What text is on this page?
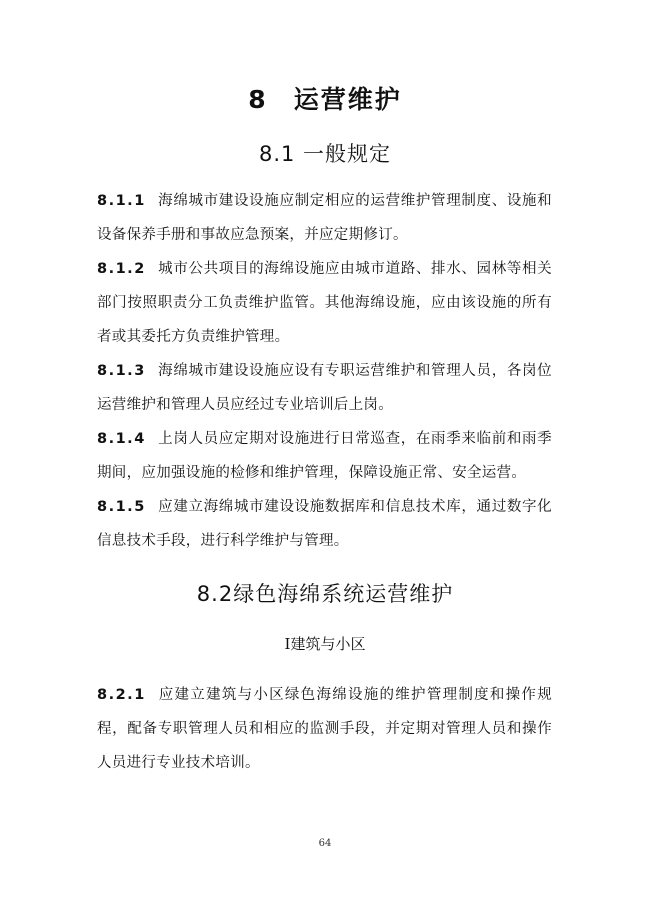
8 运营维护
8.1 一般规定

8.1.1 海绵城市建设设施应制定相应的运营维护管理制度、设施和设备保养手册和事故应急预案，并应定期修订。

8.1.2 城市公共项目的海绵设施应由城市道路、排水、园林等相关部门按照职责分工负责维护监管。其他海绵设施，应由该设施的所有者或其委托方负责维护管理。

8.1.3 海绵城市建设设施应设有专职运营维护和管理人员，各岗位运营维护和管理人员应经过专业培训后上岗。

8.1.4 上岗人员应定期对设施进行日常巡查，在雨季来临前和雨季期间，应加强设施的检修和维护管理，保障设施正常、安全运营。

8.1.5 应建立海绵城市建设设施数据库和信息技术库，通过数字化信息技术手段，进行科学维护与管理。

8.2绿色海绵系统运营维护
Ⅰ建筑与小区

8.2.1 应建立建筑与小区绿色海绵设施的维护管理制度和操作规程，配备专职管理人员和相应的监测手段，并定期对管理人员和操作人员进行专业技术培训。

64
